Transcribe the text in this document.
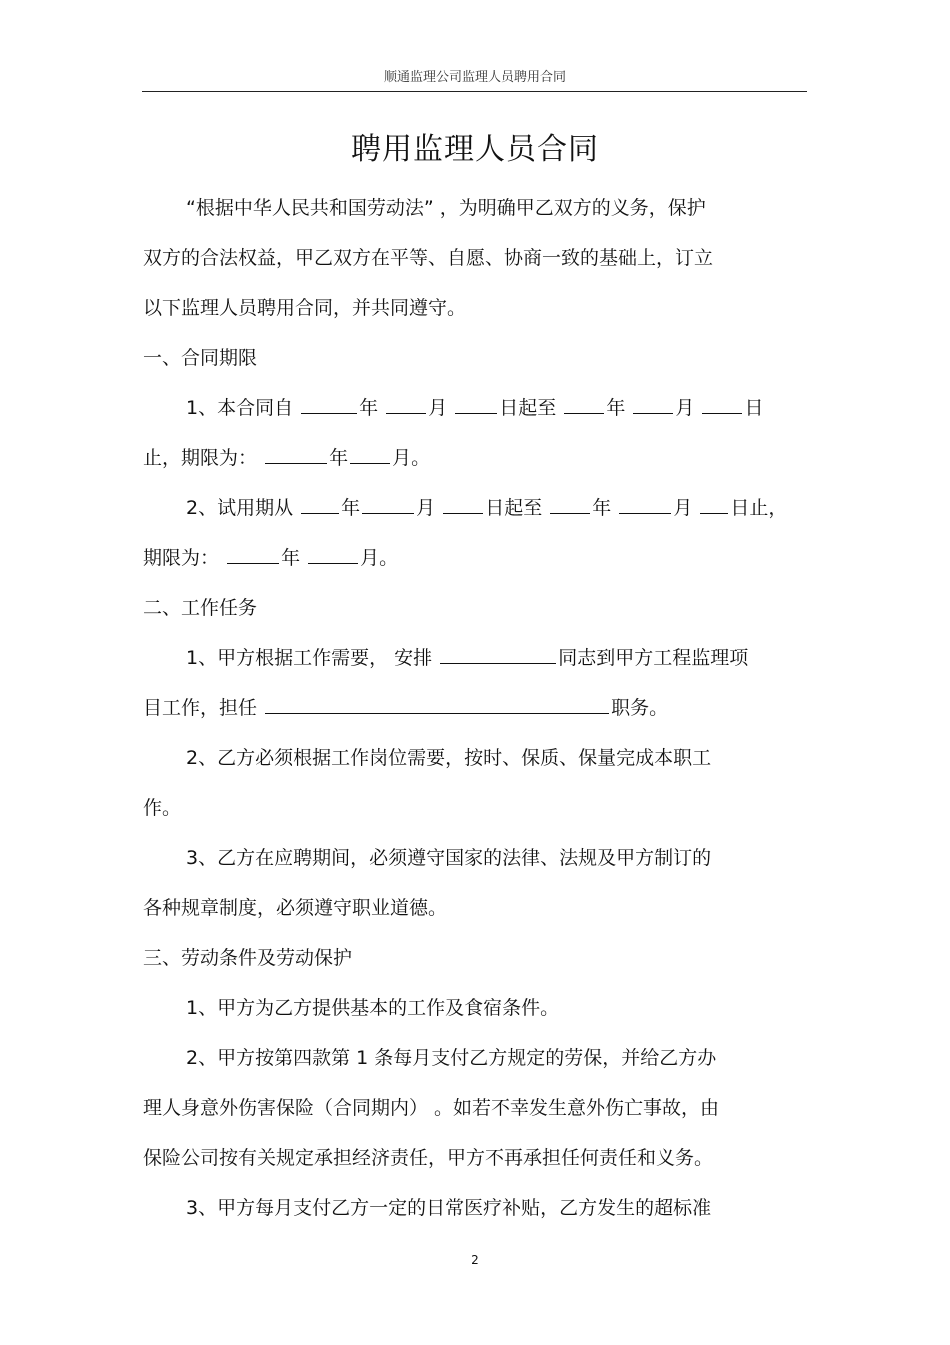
顺通监理公司监理人员聘用合同
聘用监理人员合同
“根据中华人民共和国劳动法” ，为明确甲乙双方的义务，保护
双方的合法权益，甲乙双方在平等、自愿、协商一致的基础上，订立
以下监理人员聘用合同，并共同遵守。
一、合同期限
1、本合同自	年	月	日起至	年	月	日
止，期限为：	年 月。
2、试用期从	年	月	日起至	年	月 日止，
期限为：	年	月。
二、工作任务
1、甲方根据工作需要， 安排	同志到甲方工程监理项
目工作，担任	职务。
2、乙方必须根据工作岗位需要，按时、保质、保量完成本职工
作。
3、乙方在应聘期间，必须遵守国家的法律、法规及甲方制订的
各种规章制度，必须遵守职业道德。
三、劳动条件及劳动保护
1、甲方为乙方提供基本的工作及食宿条件。
2、甲方按第四款第 1 条每月支付乙方规定的劳保，并给乙方办
理人身意外伤害保险（合同期内） 。如若不幸发生意外伤亡事故，由
保险公司按有关规定承担经济责任，甲方不再承担任何责任和义务。
3、甲方每月支付乙方一定的日常医疗补贴，乙方发生的超标准
2
